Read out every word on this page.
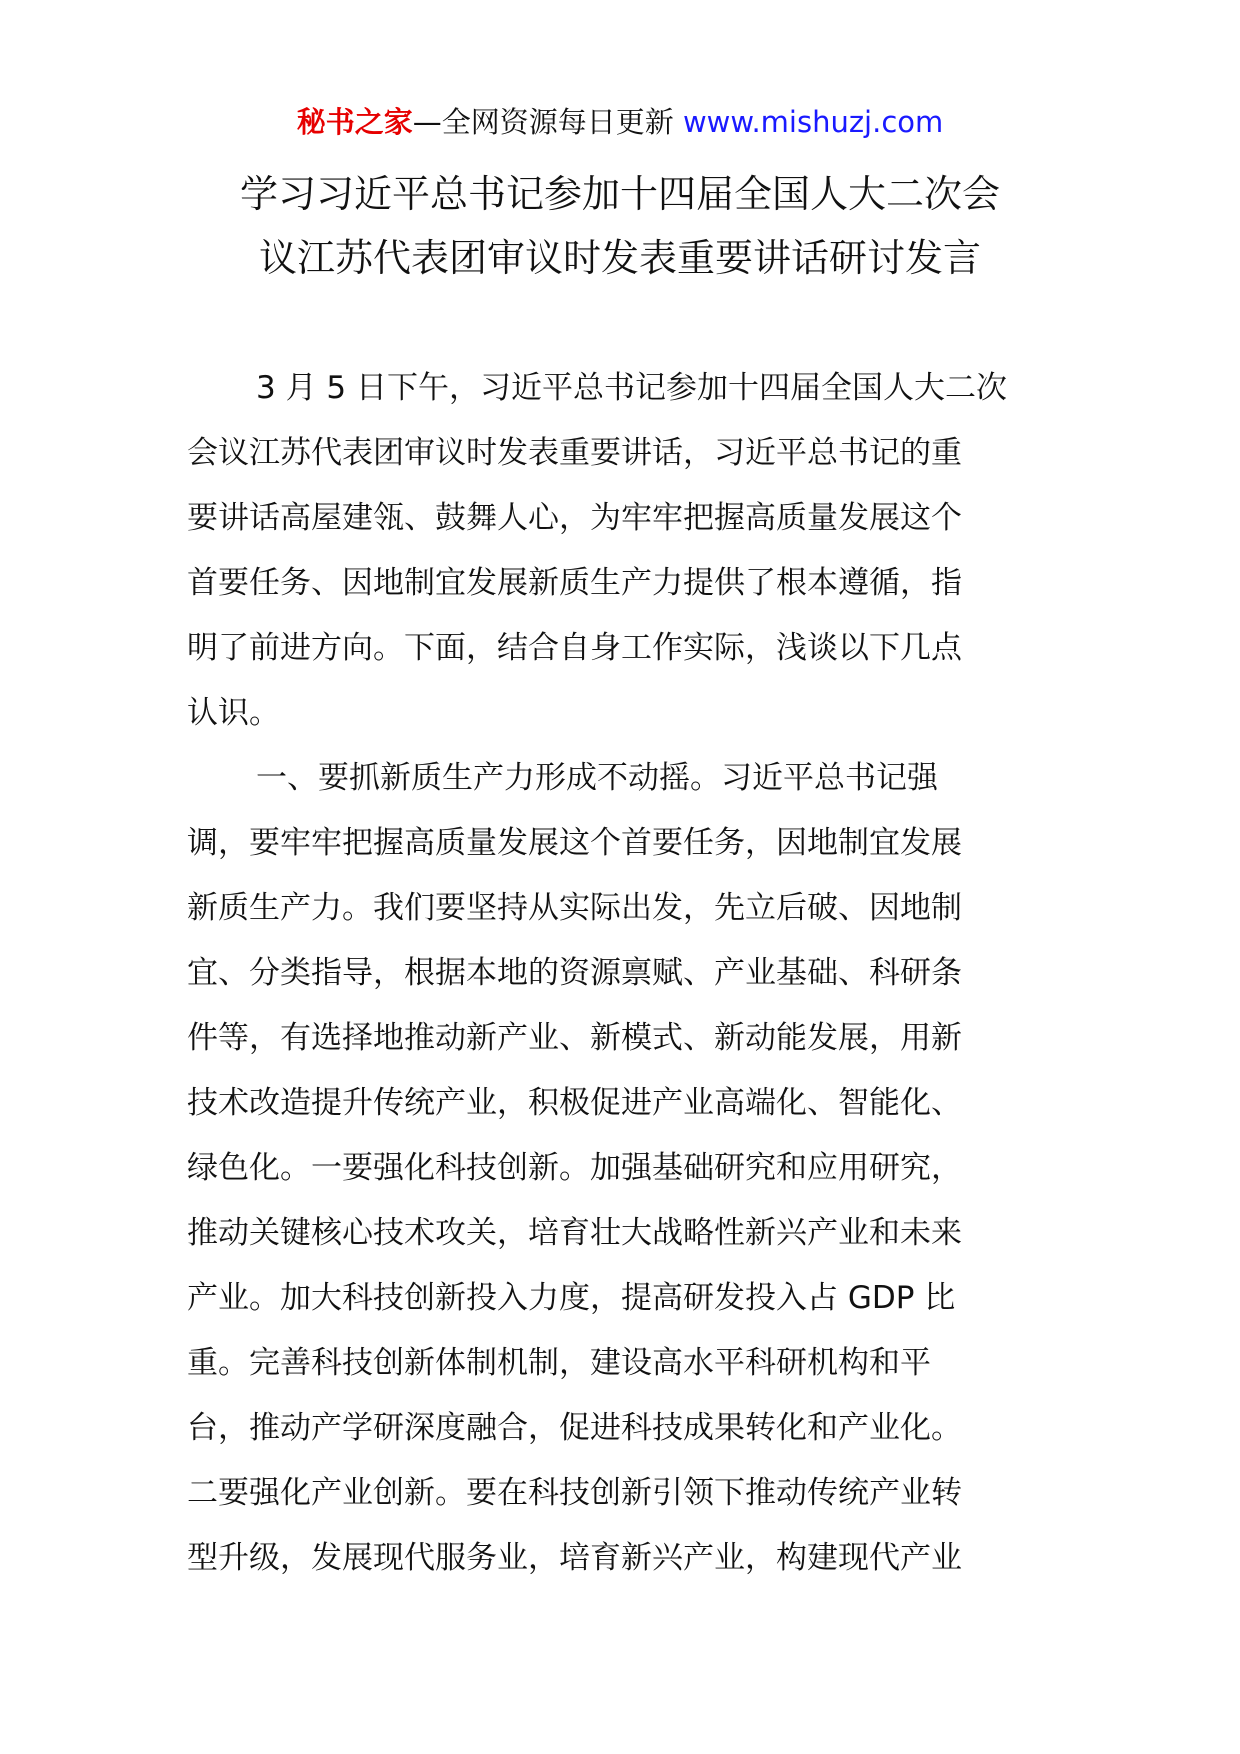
秘书之家—全网资源每日更新 www.mishuzj.com
学习习近平总书记参加十四届全国人大二次会
议江苏代表团审议时发表重要讲话研讨发言
3 月 5 日下午，习近平总书记参加十四届全国人大二次
会议江苏代表团审议时发表重要讲话，习近平总书记的重
要讲话高屋建瓴、鼓舞人心，为牢牢把握高质量发展这个
首要任务、因地制宜发展新质生产力提供了根本遵循，指
明了前进方向。下面，结合自身工作实际，浅谈以下几点
认识。
一、要抓新质生产力形成不动摇。习近平总书记强
调，要牢牢把握高质量发展这个首要任务，因地制宜发展
新质生产力。我们要坚持从实际出发，先立后破、因地制
宜、分类指导，根据本地的资源禀赋、产业基础、科研条
件等，有选择地推动新产业、新模式、新动能发展，用新
技术改造提升传统产业，积极促进产业高端化、智能化、
绿色化。一要强化科技创新。加强基础研究和应用研究，
推动关键核心技术攻关，培育壮大战略性新兴产业和未来
产业。加大科技创新投入力度，提高研发投入占 GDP 比
重。完善科技创新体制机制，建设高水平科研机构和平
台，推动产学研深度融合，促进科技成果转化和产业化。
二要强化产业创新。要在科技创新引领下推动传统产业转
型升级，发展现代服务业，培育新兴产业，构建现代产业
